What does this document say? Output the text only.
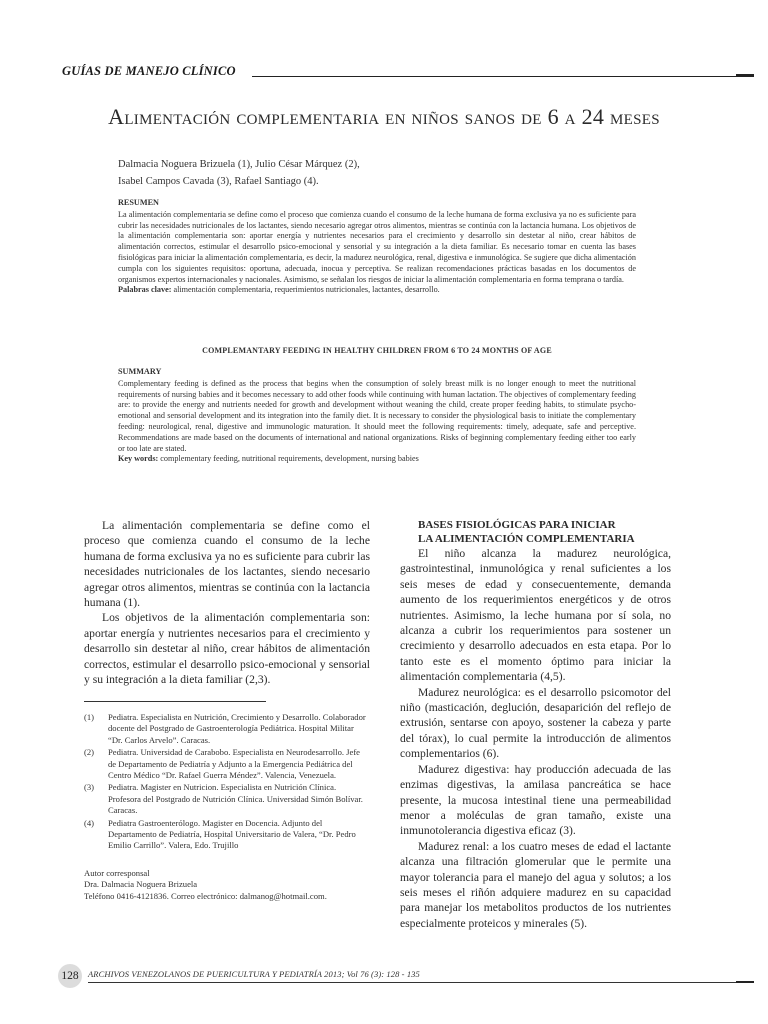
GUÍAS DE MANEJO CLÍNICO
Alimentación complementaria en niños sanos de 6 a 24 meses
Dalmacia Noguera Brizuela (1), Julio César Márquez (2),
Isabel Campos Cavada (3), Rafael Santiago (4).
RESUMEN

La alimentación complementaria se define como el proceso que comienza cuando el consumo de la leche humana de forma exclusiva ya no es suficiente para cubrir las necesidades nutricionales de los lactantes, siendo necesario agregar otros alimentos, mientras se continúa con la lactancia humana. Los objetivos de la alimentación complementaria son: aportar energía y nutrientes necesarios para el crecimiento y desarrollo sin destetar al niño, crear hábitos de alimentación correctos, estimular el desarrollo psico-emocional y sensorial y su integración a la dieta familiar. Es necesario tomar en cuenta las bases fisiológicas para iniciar la alimentación complementaria, es decir, la madurez neurológica, renal, digestiva e inmunológica. Se sugiere que dicha alimentación cumpla con los siguientes requisitos: oportuna, adecuada, inocua y perceptiva. Se realizan recomendaciones prácticas basadas en los documentos de organismos expertos internacionales y nacionales. Asimismo, se señalan los riesgos de iniciar la alimentación complementaria en forma temprana o tardía.

Palabras clave: alimentación complementaria, requerimientos nutricionales, lactantes, desarrollo.

COMPLEMANTARY FEEDING IN HEALTHY CHILDREN FROM 6 TO 24 MONTHS OF AGE
SUMMARY

Complementary feeding is defined as the process that begins when the consumption of solely breast milk is no longer enough to meet the nutritional requirements of nursing babies and it becomes necessary to add other foods while continuing with human lactation. The objectives of complementary feeding are: to provide the energy and nutrients needed for growth and development without weaning the child, create proper feeding habits, to stimulate psycho-emotional and sensorial development and its integration into the family diet. It is necessary to consider the physiological basis to initiate the complementary feeding: neurological, renal, digestive and immunologic maturation. It should meet the following requirements: timely, adequate, safe and perceptive. Recommendations are made based on the documents of international and national organizations. Risks of beginning complementary feeding either too early or too late are stated.

Key words: complementary feeding, nutritional requirements, development, nursing babies

La alimentación complementaria se define como el proceso que comienza cuando el consumo de la leche humana de forma exclusiva ya no es suficiente para cubrir las necesidades nutricionales de los lactantes, siendo necesario agregar otros alimentos, mientras se continúa con la lactancia humana (1).

Los objetivos de la alimentación complementaria son: aportar energía y nutrientes necesarios para el crecimiento y desarrollo sin destetar al niño, crear hábitos de alimentación correctos, estimular el desarrollo psico-emocional y sensorial y su integración a la dieta familiar (2,3).

(1) Pediatra. Especialista en Nutrición, Crecimiento y Desarrollo. Colaborador docente del Postgrado de Gastroenterología Pediátrica. Hospital Militar “Dr. Carlos Arvelo”. Caracas.
(2) Pediatra. Universidad de Carabobo. Especialista en Neurodesarrollo. Jefe de Departamento de Pediatría y Adjunto a la Emergencia Pediátrica del Centro Médico “Dr. Rafael Guerra Méndez”. Valencia, Venezuela.
(3) Pediatra. Magister en Nutricion. Especialista en Nutrición Clínica. Profesora del Postgrado de Nutrición Clínica. Universidad Simón Bolívar. Caracas.
(4) Pediatra Gastroenterólogo. Magister en Docencia. Adjunto del Departamento de Pediatría, Hospital Universitario de Valera, “Dr. Pedro Emilio Carrillo”. Valera, Edo. Trujillo
Autor corresponsal
Dra. Dalmacia Noguera Brizuela
Teléfono 0416-4121836. Correo electrónico: dalmanog@hotmail.com.
BASES FISIOLÓGICAS PARA INICIAR
LA ALIMENTACIÓN COMPLEMENTARIA

El niño alcanza la madurez neurológica, gastrointestinal, inmunológica y renal suficientes a los seis meses de edad y consecuentemente, demanda aumento de los requerimientos energéticos y de otros nutrientes. Asimismo, la leche humana por sí sola, no alcanza a cubrir los requerimientos para sostener un crecimiento y desarrollo adecuados en esta etapa. Por lo tanto este es el momento óptimo para iniciar la alimentación complementaria (4,5).

Madurez neurológica: es el desarrollo psicomotor del niño (masticación, deglución, desaparición del reflejo de extrusión, sentarse con apoyo, sostener la cabeza y parte del tórax), lo cual permite la introducción de alimentos complementarios (6).

Madurez digestiva: hay producción adecuada de las enzimas digestivas, la amilasa pancreática se hace presente, la mucosa intestinal tiene una permeabilidad menor a moléculas de gran tamaño, existe una inmunotolerancia digestiva eficaz (3).

Madurez renal: a los cuatro meses de edad el lactante alcanza una filtración glomerular que le permite una mayor tolerancia para el manejo del agua y solutos; a los seis meses el riñón adquiere madurez en su capacidad para manejar los metabolitos productos de los nutrientes especialmente proteicos y minerales (5).

128	ARCHIVOS VENEZOLANOS DE PUERICULTURA Y PEDIATRÍA 2013; Vol 76 (3): 128 - 135
